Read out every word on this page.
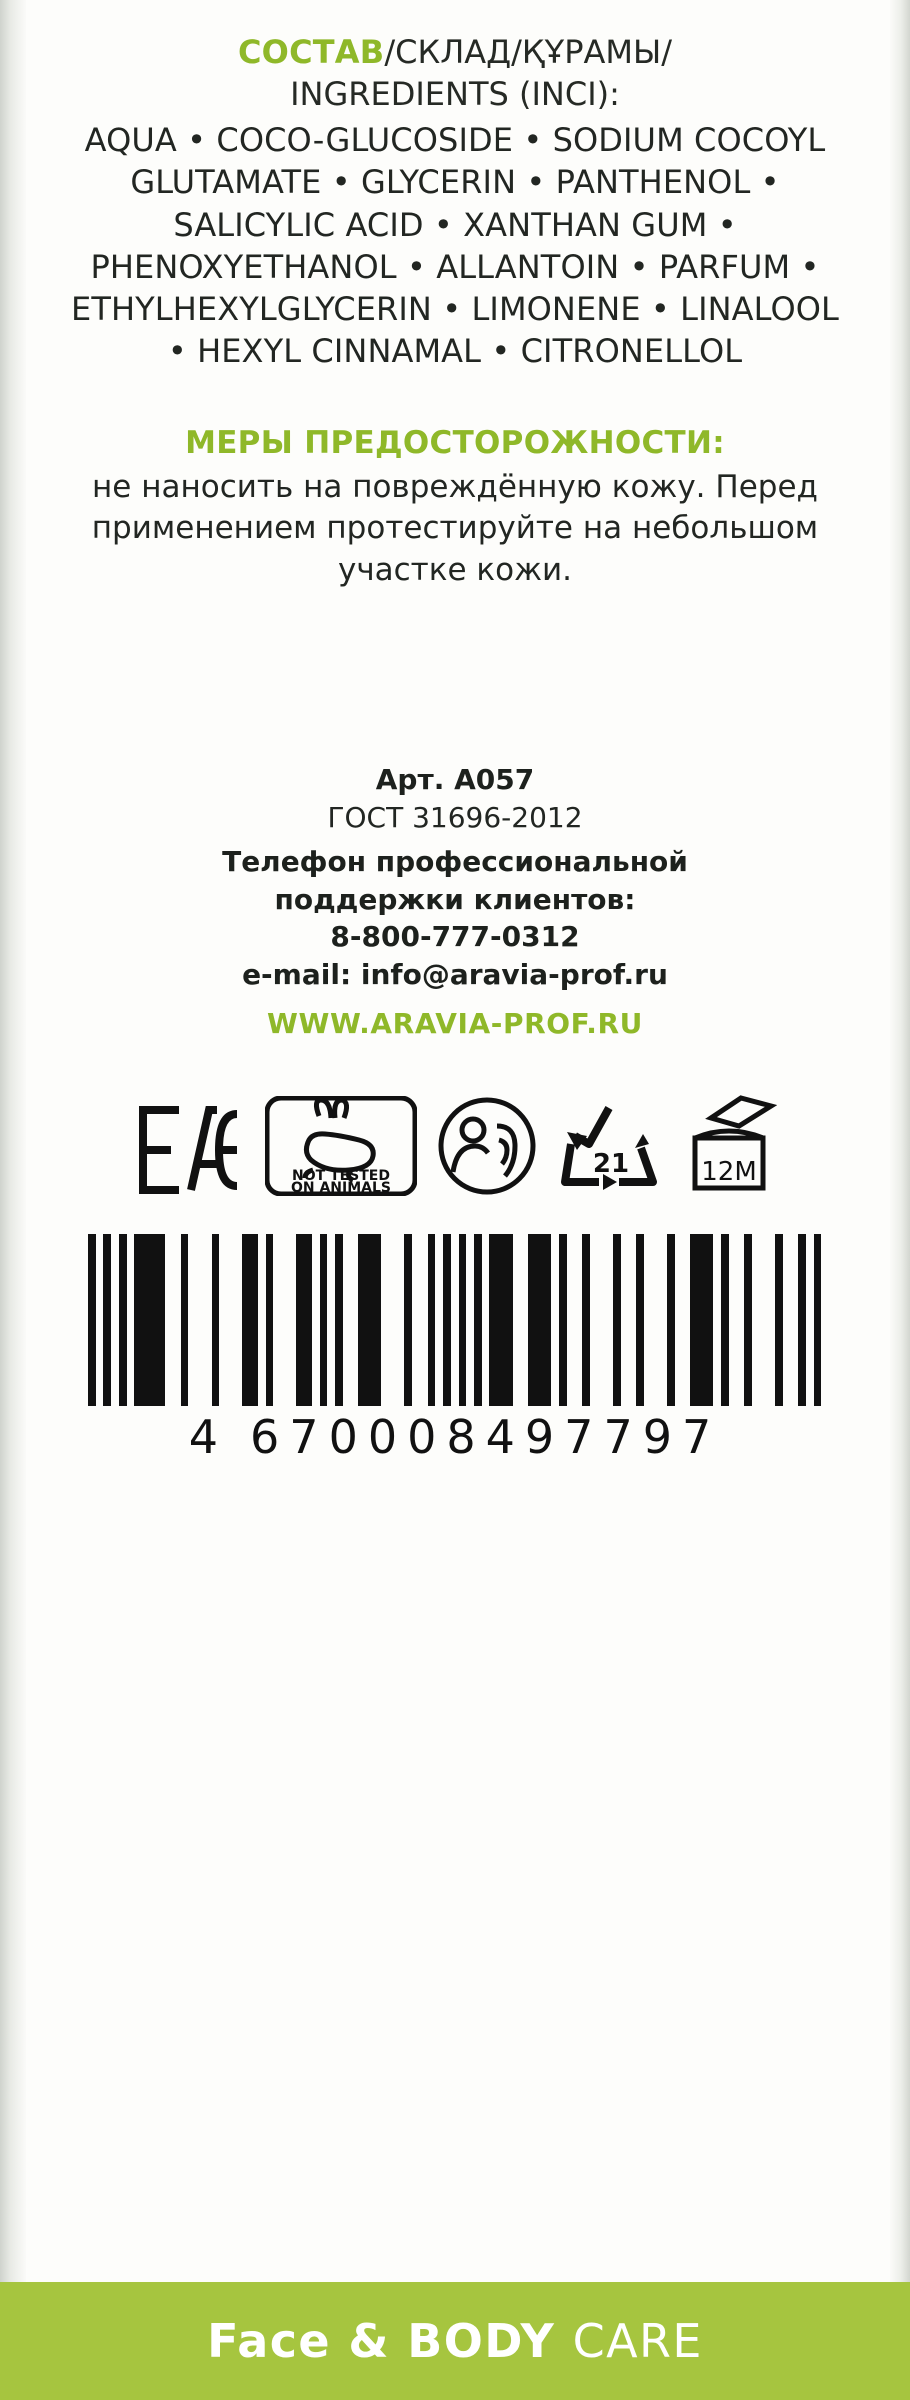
СОСТАВ/СКЛАД/ҚҰРАМЫ/
INGREDIENTS (INCI):
AQUA • COCO-GLUCOSIDE • SODIUM COCOYL GLUTAMATE • GLYCERIN • PANTHENOL • SALICYLIC ACID • XANTHAN GUM • PHENOXYETHANOL • ALLANTOIN • PARFUM • ETHYLHEXYLGLYCERIN • LIMONENE • LINALOOL • HEXYL CINNAMAL • CITRONELLOL
МЕРЫ ПРЕДОСТОРОЖНОСТИ:
не наносить на повреждённую кожу. Перед применением протестируйте на небольшом участке кожи.
Арт. A057
ГОСТ 31696-2012
Телефон профессиональной
поддержки клиентов:
8-800-777-0312
e-mail: info@aravia-prof.ru
WWW.ARAVIA-PROF.RU
NOT TESTED
ON ANIMALS
21	12M
4 670008 497797
Face & BODY CARE
